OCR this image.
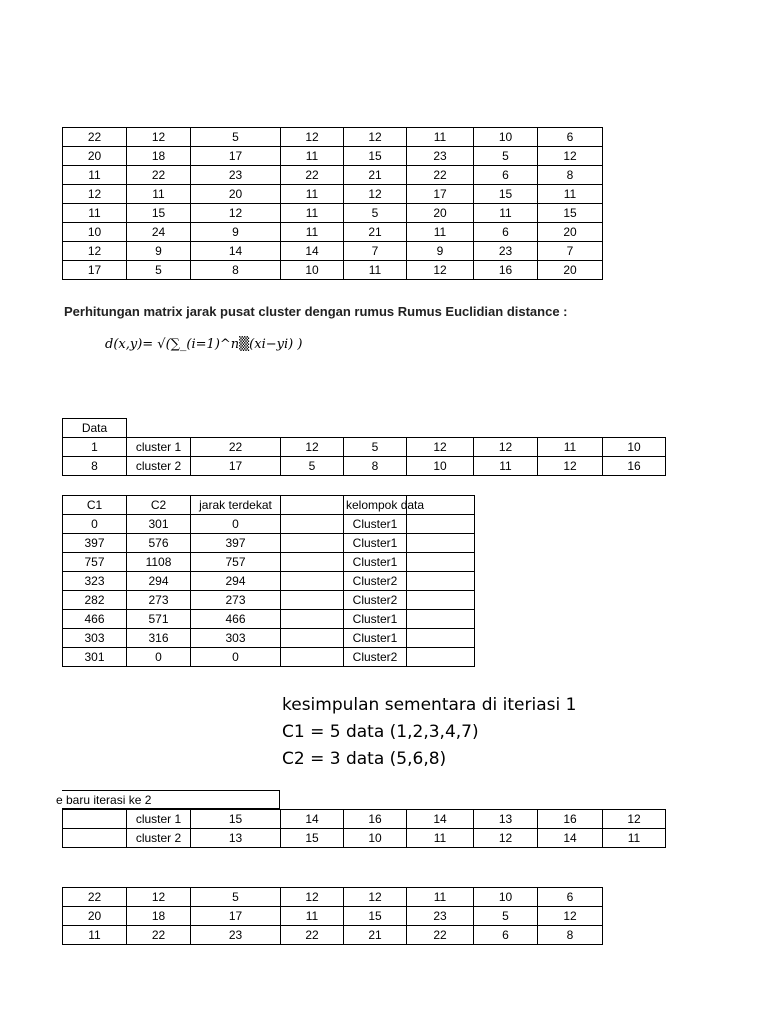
22	12	5	12	12	11	10	6
20	18	17	11	15	23	5	12
11	22	23	22	21	22	6	8
12	11	20	11	12	17	15	11
11	15	12	11	5	20	11	15
10	24	9	11	21	11	6	20
12	9	14	14	7	9	23	7
17	5	8	10	11	12	16	20
Perhitungan matrix jarak pusat cluster dengan rumus Rumus Euclidian distance :
d(x,y)= √(∑_(i=1)^n▒(xi−yi) )
Data
1	cluster 1	22	12	5	12	12	11	10
8	cluster 2	17	5	8	10	11	12	16
C1	C2	jarak terdekat		kelompok data	
0	301	0		Cluster1	
397	576	397		Cluster1	
757	1108	757		Cluster1	
323	294	294		Cluster2	
282	273	273		Cluster2	
466	571	466		Cluster1	
303	316	303		Cluster1	
301	0	0		Cluster2	
kesimpulan sementara di iteriasi 1
C1 = 5 data (1,2,3,4,7)
C2 = 3 data (5,6,8)
e baru iterasi ke 2
	cluster 1	15	14	16	14	13	16	12
	cluster 2	13	15	10	11	12	14	11
22	12	5	12	12	11	10	6
20	18	17	11	15	23	5	12
11	22	23	22	21	22	6	8
